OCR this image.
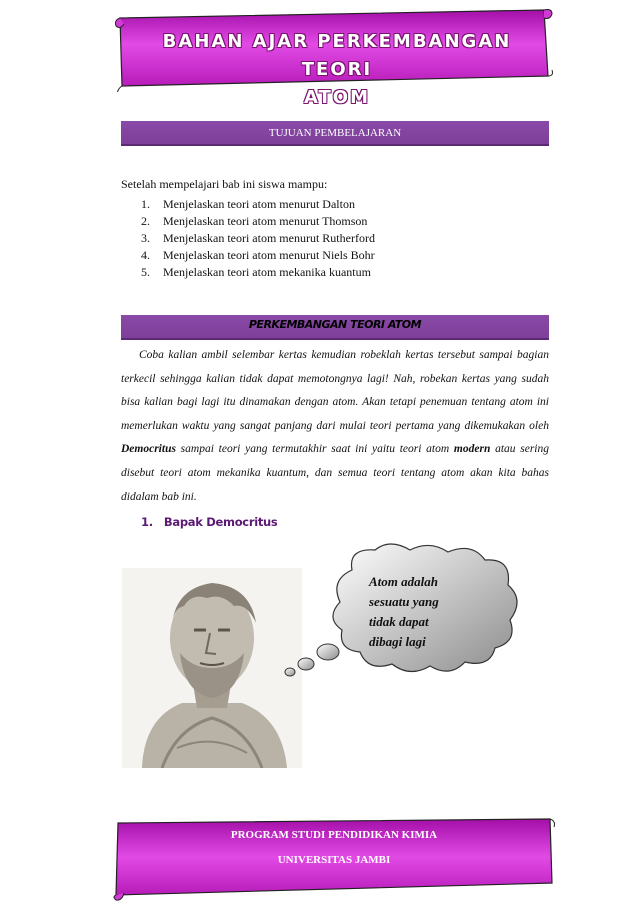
BAHAN AJAR PERKEMBANGAN TEORI
ATOM
TUJUAN PEMBELAJARAN
Setelah mempelajari bab ini siswa mampu:
1. Menjelaskan teori atom menurut Dalton
2. Menjelaskan teori atom menurut Thomson
3. Menjelaskan teori atom menurut Rutherford
4. Menjelaskan teori atom menurut Niels Bohr
5. Menjelaskan teori atom mekanika kuantum
PERKEMBANGAN TEORI ATOM
Coba kalian ambil selembar kertas kemudian robeklah kertas tersebut sampai bagian terkecil sehingga kalian tidak dapat memotongnya lagi! Nah, robekan kertas yang sudah bisa kalian bagi lagi itu dinamakan dengan atom. Akan tetapi penemuan tentang atom ini memerlukan waktu yang sangat panjang dari mulai teori pertama yang dikemukakan oleh Democritus sampai teori yang termutakhir saat ini yaitu teori atom modern atau sering disebut teori atom mekanika kuantum, dan semua teori tentang atom akan kita bahas didalam bab ini.
1. Bapak Democritus
Atom adalah sesuatu yang tidak dapat dibagi lagi
PROGRAM STUDI PENDIDIKAN KIMIA
UNIVERSITAS JAMBI
